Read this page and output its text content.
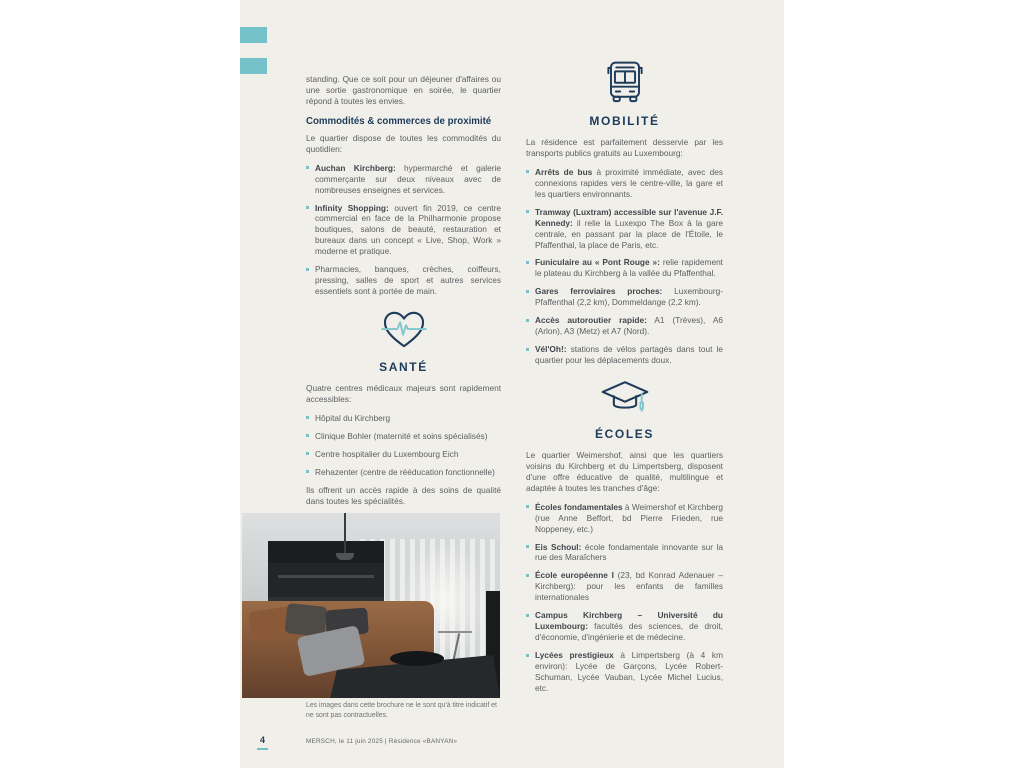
standing. Que ce soit pour un déjeuner d'affaires ou une sortie gastronomique en soirée, le quartier répond à toutes les envies.

Commodités & commerces de proximité

Le quartier dispose de toutes les commodités du quotidien:

Auchan Kirchberg: hypermarché et galerie commerçante sur deux niveaux avec de nombreuses enseignes et services.
Infinity Shopping: ouvert fin 2019, ce centre commercial en face de la Philharmonie propose boutiques, salons de beauté, restauration et bureaux dans un concept « Live, Shop, Work » moderne et pratique.
Pharmacies, banques, crèches, coiffeurs, pressing, salles de sport et autres services essentiels sont à portée de main.
SANTÉ

Quatre centres médicaux majeurs sont rapidement accessibles:

Hôpital du Kirchberg
Clinique Bohler (maternité et soins spécialisés)
Centre hospitalier du Luxembourg Eich
Rehazenter (centre de rééducation fonctionnelle)

Ils offrent un accès rapide à des soins de qualité dans toutes les spécialités.

Les images dans cette brochure ne le sont qu'à titre indicatif et ne sont pas contractuelles.
MOBILITÉ

La résidence est parfaitement desservie par les transports publics gratuits au Luxembourg:

Arrêts de bus à proximité immédiate, avec des connexions rapides vers le centre-ville, la gare et les quartiers environnants.
Tramway (Luxtram) accessible sur l'avenue J.F. Kennedy: il relie la Luxexpo The Box à la gare centrale, en passant par la place de l'Étoile, le Pfaffenthal, la place de Paris, etc.
Funiculaire au « Pont Rouge »: relie rapidement le plateau du Kirchberg à la vallée du Pfaffenthal.
Gares ferroviaires proches: Luxembourg-Pfaffenthal (2,2 km), Dommeldange (2,2 km).
Accès autoroutier rapide: A1 (Trèves), A6 (Arlon), A3 (Metz) et A7 (Nord).
Vél'Oh!: stations de vélos partagés dans tout le quartier pour les déplacements doux.
ÉCOLES

Le quartier Weimershof, ainsi que les quartiers voisins du Kirchberg et du Limpertsberg, disposent d'une offre éducative de qualité, multilingue et adaptée à toutes les tranches d'âge:

Écoles fondamentales à Weimershof et Kirchberg (rue Anne Beffort, bd Pierre Frieden, rue Noppeney, etc.)
Eis Schoul: école fondamentale innovante sur la rue des Maraîchers
École européenne I (23, bd Konrad Adenauer – Kirchberg): pour les enfants de familles internationales
Campus Kirchberg – Université du Luxembourg: facultés des sciences, de droit, d'économie, d'ingénierie et de médecine.
Lycées prestigieux à Limpertsberg (à 4 km environ): Lycée de Garçons, Lycée Robert-Schuman, Lycée Vauban, Lycée Michel Lucius, etc.
4	MERSCH, le 11 juin 2025 | Résidence «BANYAN»
